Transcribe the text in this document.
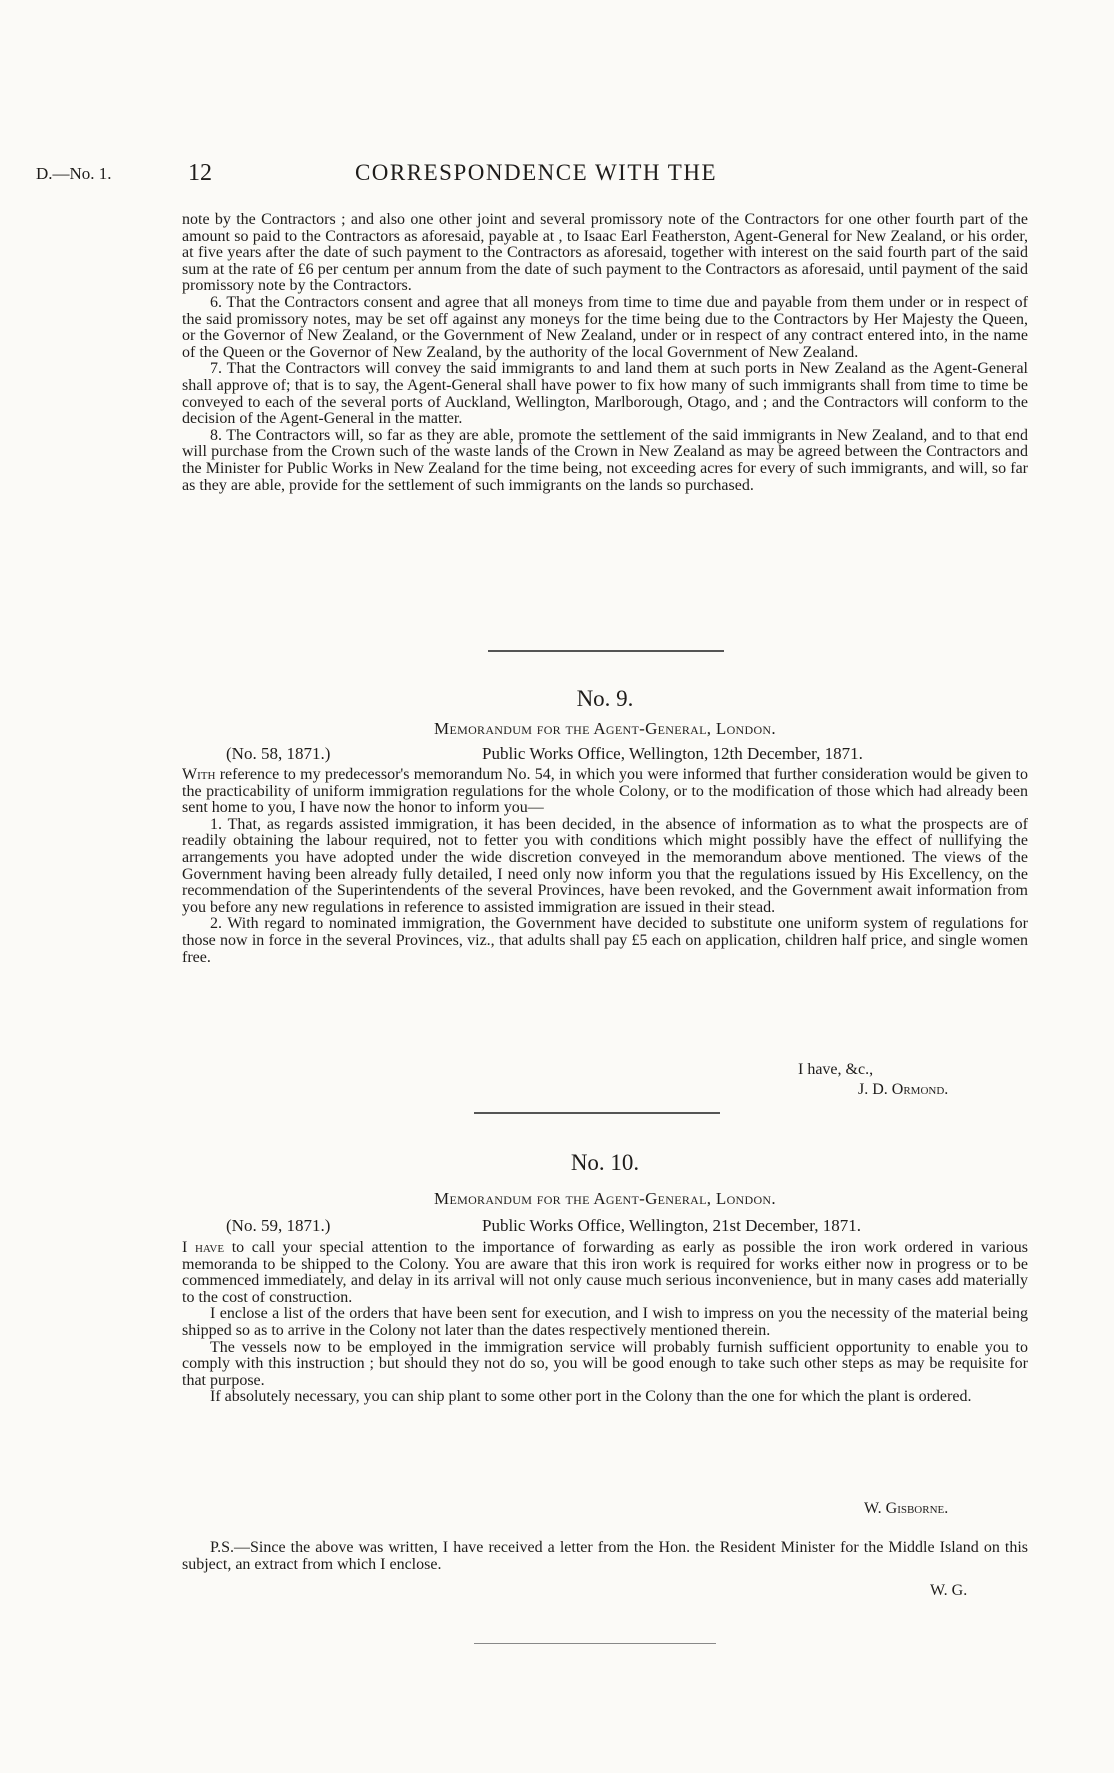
D.—No. 1.	CORRESPONDENCE WITH THE
12

note by the Contractors ; and also one other joint and several promissory note of the Contractors for one other fourth part of the amount so paid to the Contractors as aforesaid, payable at , to Isaac Earl Featherston, Agent-General for New Zealand, or his order, at five years after the date of such payment to the Contractors as aforesaid, together with interest on the said fourth part of the said sum at the rate of £6 per centum per annum from the date of such payment to the Contractors as aforesaid, until payment of the said promissory note by the Contractors.

6. That the Contractors consent and agree that all moneys from time to time due and payable from them under or in respect of the said promissory notes, may be set off against any moneys for the time being due to the Contractors by Her Majesty the Queen, or the Governor of New Zealand, or the Government of New Zealand, under or in respect of any contract entered into, in the name of the Queen or the Governor of New Zealand, by the authority of the local Government of New Zealand.

7. That the Contractors will convey the said immigrants to and land them at such ports in New Zealand as the Agent-General shall approve of; that is to say, the Agent-General shall have power to fix how many of such immigrants shall from time to time be conveyed to each of the several ports of Auckland, Wellington, Marlborough, Otago, and ; and the Contractors will conform to the decision of the Agent-General in the matter.

8. The Contractors will, so far as they are able, promote the settlement of the said immigrants in New Zealand, and to that end will purchase from the Crown such of the waste lands of the Crown in New Zealand as may be agreed between the Contractors and the Minister for Public Works in New Zealand for the time being, not exceeding acres for every of such immigrants, and will, so far as they are able, provide for the settlement of such immigrants on the lands so purchased.

No. 9.
Memorandum for the Agent-General, London.
(No. 58, 1871.)	Public Works Office, Wellington, 12th December, 1871.

With reference to my predecessor's memorandum No. 54, in which you were informed that further consideration would be given to the practicability of uniform immigration regulations for the whole Colony, or to the modification of those which had already been sent home to you, I have now the honor to inform you—

1. That, as regards assisted immigration, it has been decided, in the absence of information as to what the prospects are of readily obtaining the labour required, not to fetter you with conditions which might possibly have the effect of nullifying the arrangements you have adopted under the wide discretion conveyed in the memorandum above mentioned. The views of the Government having been already fully detailed, I need only now inform you that the regulations issued by His Excellency, on the recommendation of the Superintendents of the several Provinces, have been revoked, and the Government await information from you before any new regulations in reference to assisted immigration are issued in their stead.

2. With regard to nominated immigration, the Government have decided to substitute one uniform system of regulations for those now in force in the several Provinces, viz., that adults shall pay £5 each on application, children half price, and single women free.

I have, &c.,
J. D. Ormond.
No. 10.
Memorandum for the Agent-General, London.
(No. 59, 1871.)	Public Works Office, Wellington, 21st December, 1871.

I have to call your special attention to the importance of forwarding as early as possible the iron work ordered in various memoranda to be shipped to the Colony. You are aware that this iron work is required for works either now in progress or to be commenced immediately, and delay in its arrival will not only cause much serious inconvenience, but in many cases add materially to the cost of construction.

I enclose a list of the orders that have been sent for execution, and I wish to impress on you the necessity of the material being shipped so as to arrive in the Colony not later than the dates respectively mentioned therein.

The vessels now to be employed in the immigration service will probably furnish sufficient opportunity to enable you to comply with this instruction ; but should they not do so, you will be good enough to take such other steps as may be requisite for that purpose.

If absolutely necessary, you can ship plant to some other port in the Colony than the one for which the plant is ordered.

W. Gisborne.

P.S.—Since the above was written, I have received a letter from the Hon. the Resident Minister for the Middle Island on this subject, an extract from which I enclose.

W. G.
